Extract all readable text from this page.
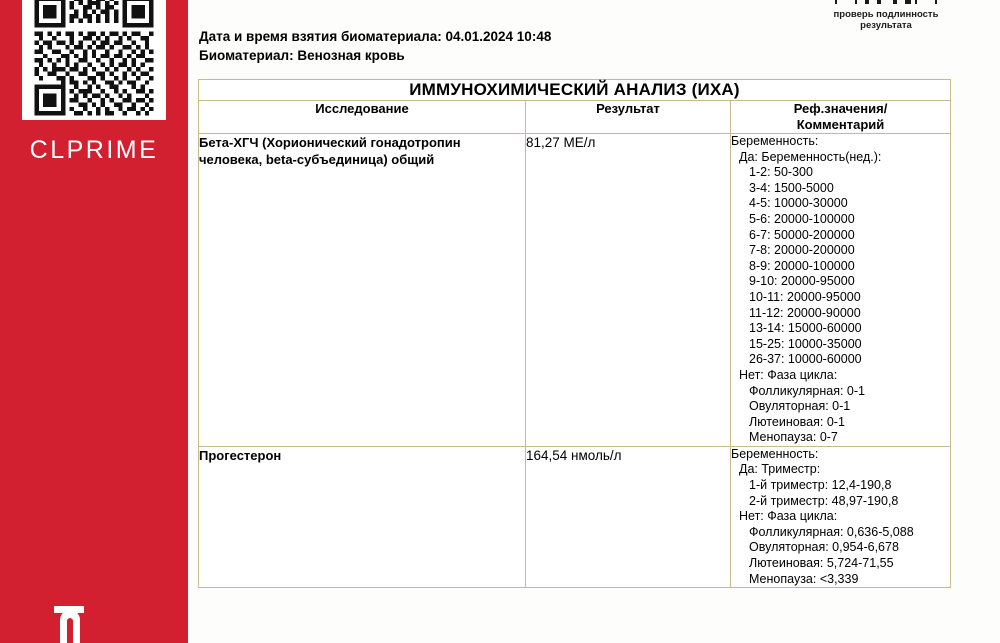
CLPRIME
проверь подлинность
результата
Дата и время взятия биоматериала: 04.01.2024 10:48
Биоматериал: Венозная кровь
ИММУНОХИМИЧЕСКИЙ АНАЛИЗ (ИХА)		
Исследование	Результат	Реф.значения/
Комментарий
Бета-ХГЧ (Хорионический гонадотропин
человека, beta-субъединица) общий	81,27 МЕ/л	Беременность:
Да: Беременность(нед.):
1-2: 50-300
3-4: 1500-5000
4-5: 10000-30000
5-6: 20000-100000
6-7: 50000-200000
7-8: 20000-200000
8-9: 20000-100000
9-10: 20000-95000
10-11: 20000-95000
11-12: 20000-90000
13-14: 15000-60000
15-25: 10000-35000
26-37: 10000-60000
Нет: Фаза цикла:
Фолликулярная: 0-1
Овуляторная: 0-1
Лютеиновая: 0-1
Менопауза: 0-7

Прогестерон	164,54 нмоль/л	Беременность:
Да: Триместр:
1-й триместр: 12,4-190,8
2-й триместр: 48,97-190,8
Нет: Фаза цикла:
Фолликулярная: 0,636-5,088
Овуляторная: 0,954-6,678
Лютеиновая: 5,724-71,55
Менопауза: <3,339
